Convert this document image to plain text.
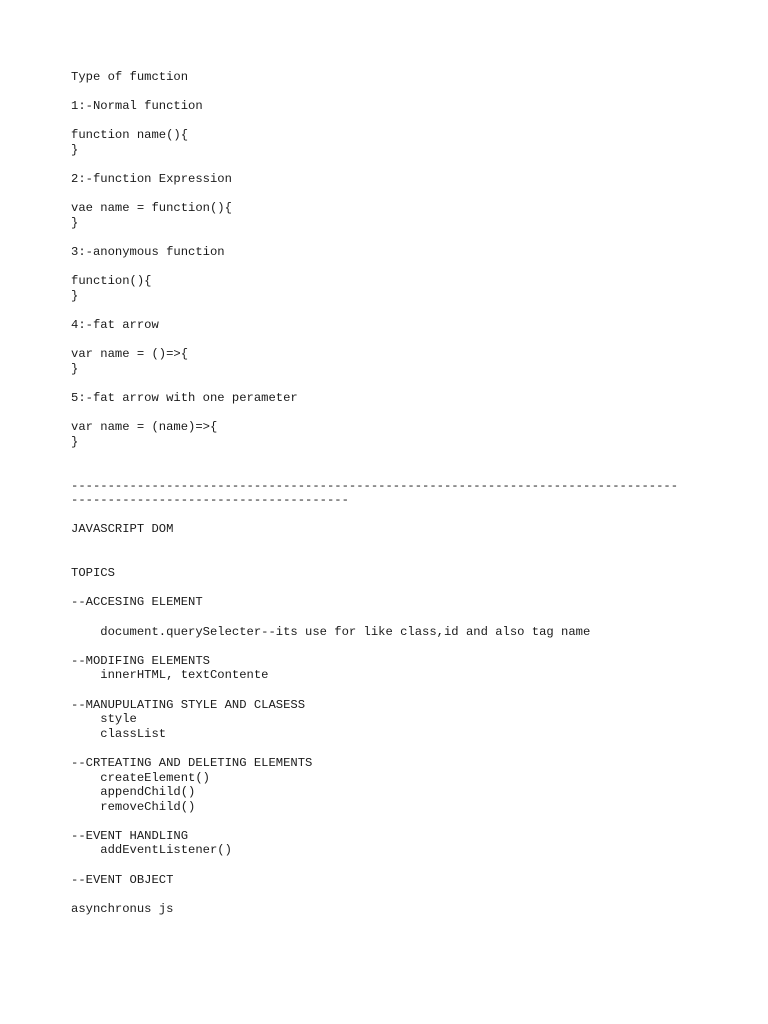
Type of fumction
1:-Normal function
function name(){
}
2:-function Expression
vae name = function(){
}
3:-anonymous function
function(){
}
4:-fat arrow
var name = ()=>{
}
5:-fat arrow with one perameter
var name = (name)=>{
}
-----------------------------------------------------------------------------------
--------------------------------------
JAVASCRIPT DOM
TOPICS
--ACCESING ELEMENT
document.querySelecter--its use for like class,id and also tag name
--MODIFING ELEMENTS
innerHTML, textContente
--MANUPULATING STYLE AND CLASESS
style
classList
--CRTEATING AND DELETING ELEMENTS
createElement()
appendChild()
removeChild()
--EVENT HANDLING
addEventListener()
--EVENT OBJECT
asynchronus js
